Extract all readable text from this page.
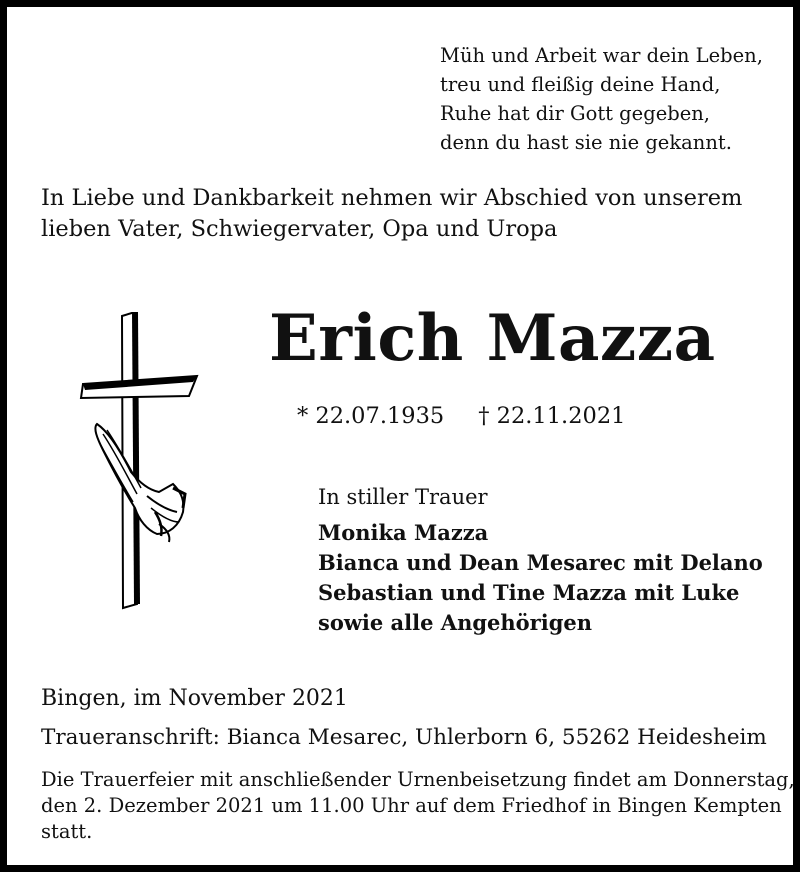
Müh und Arbeit war dein Leben,
treu und fleißig deine Hand,
Ruhe hat dir Gott gegeben,
denn du hast sie nie gekannt.
In Liebe und Dankbarkeit nehmen wir Abschied von unserem
lieben Vater, Schwiegervater, Opa und Uropa
Erich Mazza
* 22.07.1935 † 22.11.2021
In stiller Trauer
Monika Mazza
Bianca und Dean Mesarec mit Delano
Sebastian und Tine Mazza mit Luke
sowie alle Angehörigen
Bingen, im November 2021
Traueranschrift: Bianca Mesarec, Uhlerborn 6, 55262 Heidesheim
Die Trauerfeier mit anschließender Urnenbeisetzung findet am Donnerstag,
den 2. Dezember 2021 um 11.00 Uhr auf dem Friedhof in Bingen Kempten
statt.
